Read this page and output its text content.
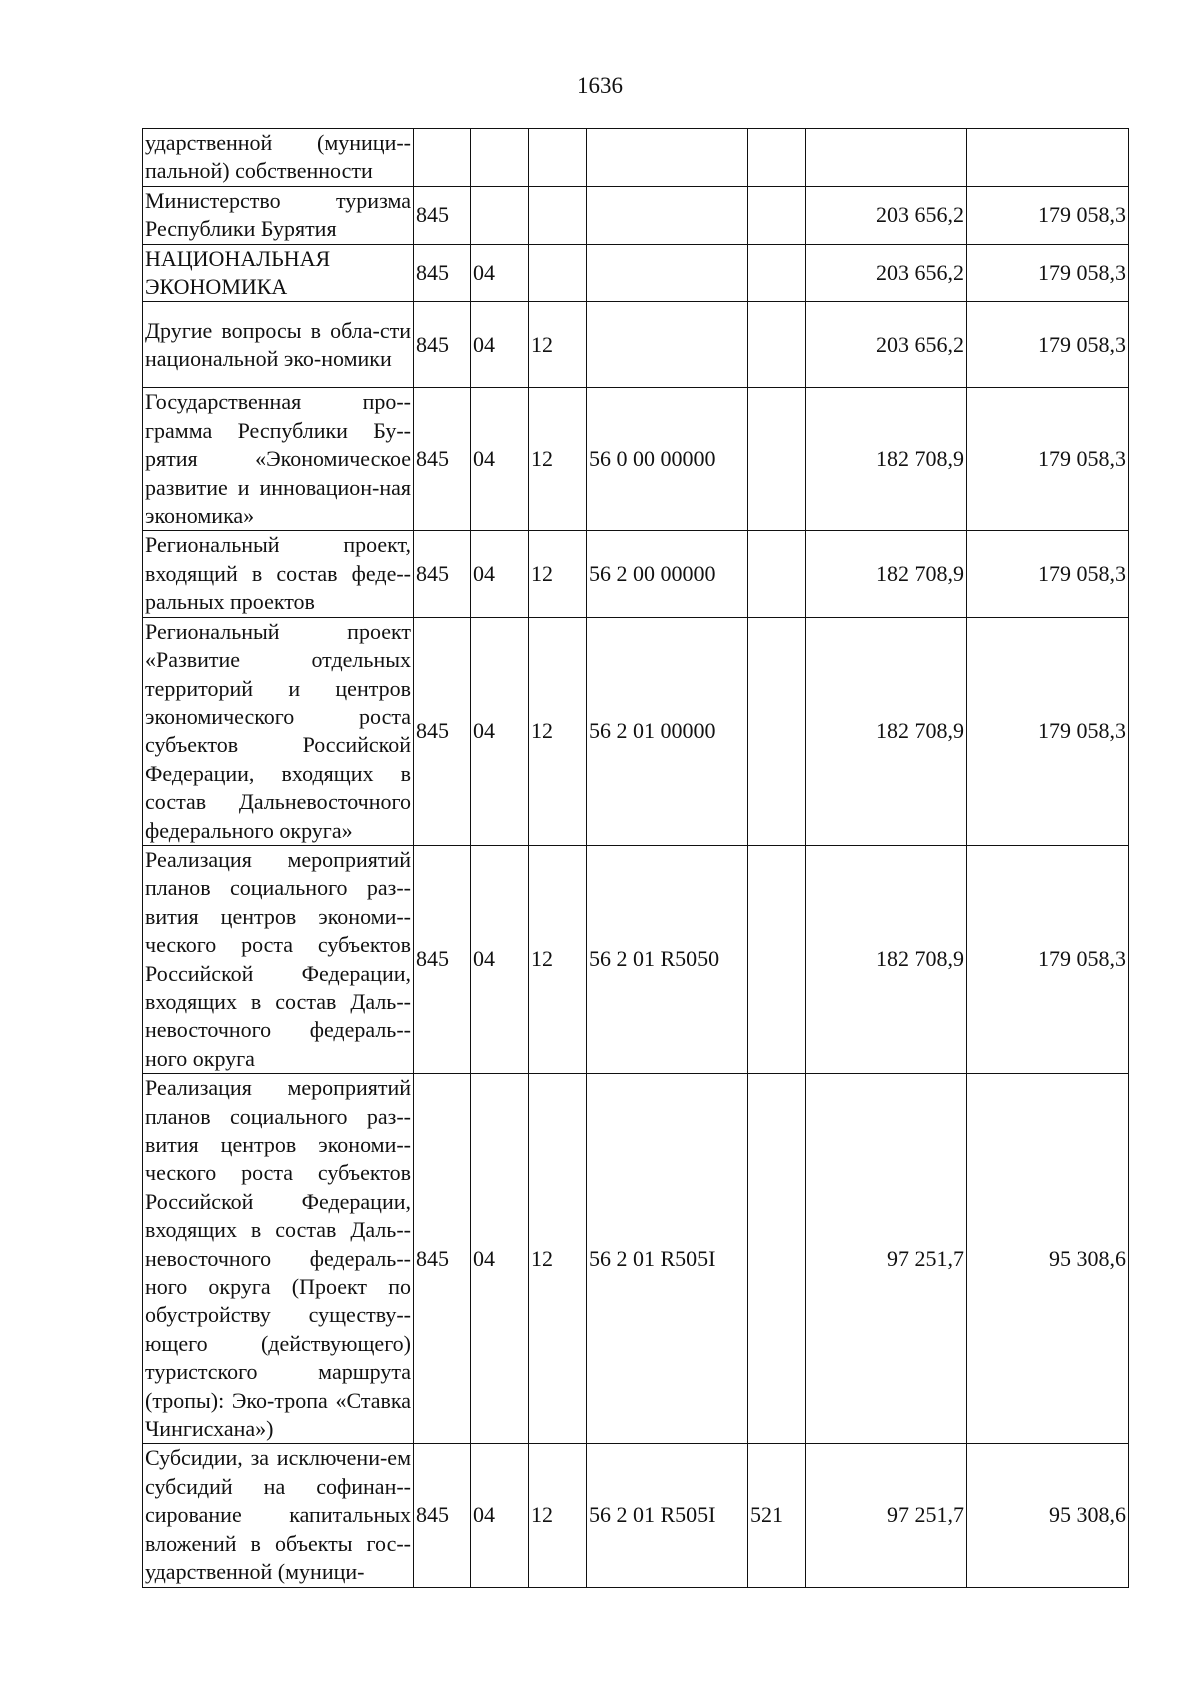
1636
ударственной (муници-пальной) собственности							
Министерство туризма Республики Бурятия	845					203 656,2	179 058,3
НАЦИОНАЛЬНАЯ ЭКОНОМИКА	845	04				203 656,2	179 058,3
Другие вопросы в обла-сти национальной эко-номики	845	04	12			203 656,2	179 058,3
Государственная про-грамма Республики Бу-рятия «Экономическое развитие и инновацион-ная экономика»	845	04	12	56 0 00 00000		182 708,9	179 058,3
Региональный проект, входящий в состав феде-ральных проектов	845	04	12	56 2 00 00000		182 708,9	179 058,3
Региональный проект «Развитие отдельных территорий и центров экономического роста субъектов Российской Федерации, входящих в состав Дальневосточного федерального округа»	845	04	12	56 2 01 00000		182 708,9	179 058,3
Реализация мероприятий планов социального раз-вития центров экономи-ческого роста субъектов Российской Федерации, входящих в состав Даль-невосточного федераль-ного округа	845	04	12	56 2 01 R5050		182 708,9	179 058,3
Реализация мероприятий планов социального раз-вития центров экономи-ческого роста субъектов Российской Федерации, входящих в состав Даль-невосточного федераль-ного округа (Проект по обустройству существу-ющего (действующего) туристского маршрута (тропы): Эко-тропа «Ставка Чингисхана»)	845	04	12	56 2 01 R505I		97 251,7	95 308,6
Субсидии, за исключени-ем субсидий на софинан-сирование капитальных вложений в объекты гос-ударственной (муници-	845	04	12	56 2 01 R505I	521	97 251,7	95 308,6
